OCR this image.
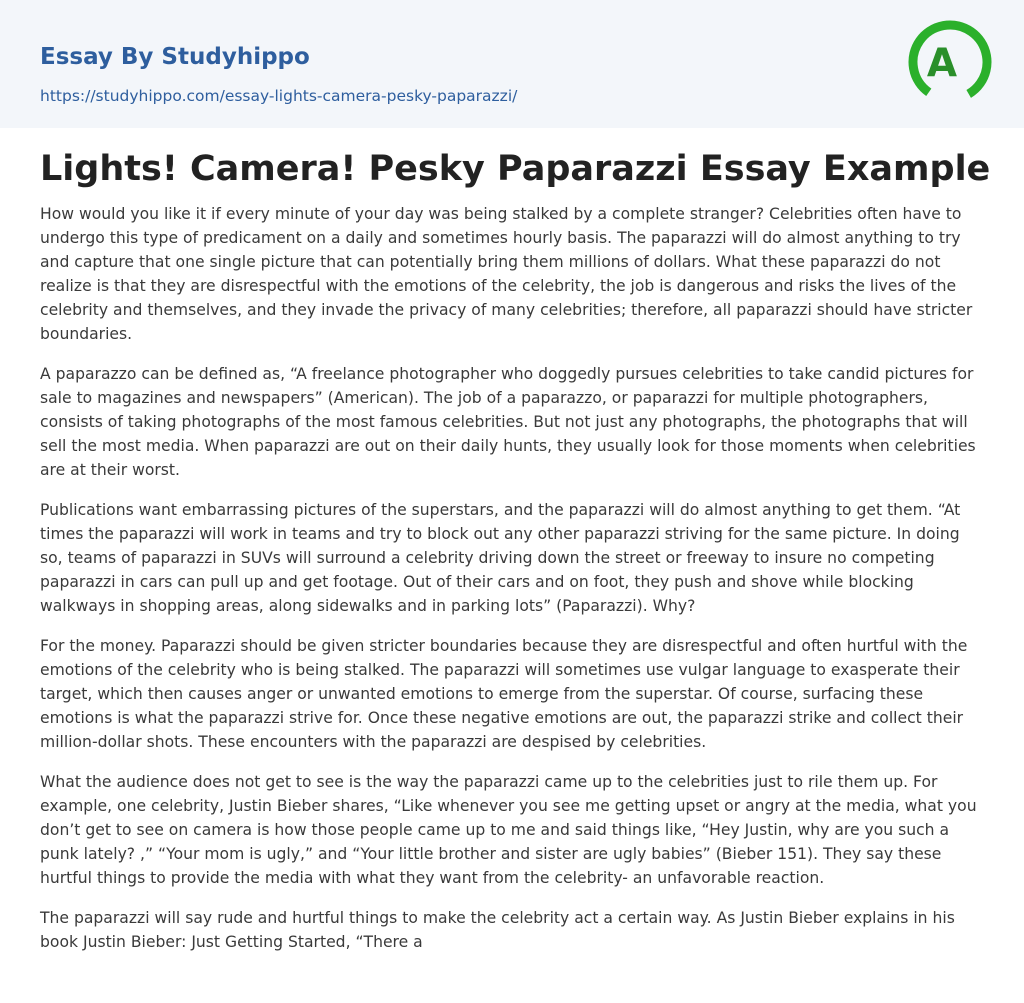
Essay By Studyhippo
https://studyhippo.com/essay-lights-camera-pesky-paparazzi/
A
Lights! Camera! Pesky Paparazzi Essay Example

How would you like it if every minute of your day was being stalked by a complete stranger? Celebrities often have to undergo this type of predicament on a daily and sometimes hourly basis. The paparazzi will do almost anything to try and capture that one single picture that can potentially bring them millions of dollars. What these paparazzi do not realize is that they are disrespectful with the emotions of the celebrity, the job is dangerous and risks the lives of the celebrity and themselves, and they invade the privacy of many celebrities; therefore, all paparazzi should have stricter boundaries.

A paparazzo can be defined as, “A freelance photographer who doggedly pursues celebrities to take candid pictures for sale to magazines and newspapers” (American). The job of a paparazzo, or paparazzi for multiple photographers, consists of taking photographs of the most famous celebrities. But not just any photographs, the photographs that will sell the most media. When paparazzi are out on their daily hunts, they usually look for those moments when celebrities are at their worst.

Publications want embarrassing pictures of the superstars, and the paparazzi will do almost anything to get them. “At times the paparazzi will work in teams and try to block out any other paparazzi striving for the same picture. In doing so, teams of paparazzi in SUVs will surround a celebrity driving down the street or freeway to insure no competing paparazzi in cars can pull up and get footage. Out of their cars and on foot, they push and shove while blocking walkways in shopping areas, along sidewalks and in parking lots” (Paparazzi). Why?

For the money. Paparazzi should be given stricter boundaries because they are disrespectful and often hurtful with the emotions of the celebrity who is being stalked. The paparazzi will sometimes use vulgar language to exasperate their target, which then causes anger or unwanted emotions to emerge from the superstar. Of course, surfacing these emotions is what the paparazzi strive for. Once these negative emotions are out, the paparazzi strike and collect their million-dollar shots. These encounters with the paparazzi are despised by celebrities.

What the audience does not get to see is the way the paparazzi came up to the celebrities just to rile them up. For example, one celebrity, Justin Bieber shares, “Like whenever you see me getting upset or angry at the media, what you don’t get to see on camera is how those people came up to me and said things like, “Hey Justin, why are you such a punk lately? ,” “Your mom is ugly,” and “Your little brother and sister are ugly babies” (Bieber 151). They say these hurtful things to provide the media with what they want from the celebrity- an unfavorable reaction.

The paparazzi will say rude and hurtful things to make the celebrity act a certain way. As Justin Bieber explains in his book Justin Bieber: Just Getting Started, “There a
